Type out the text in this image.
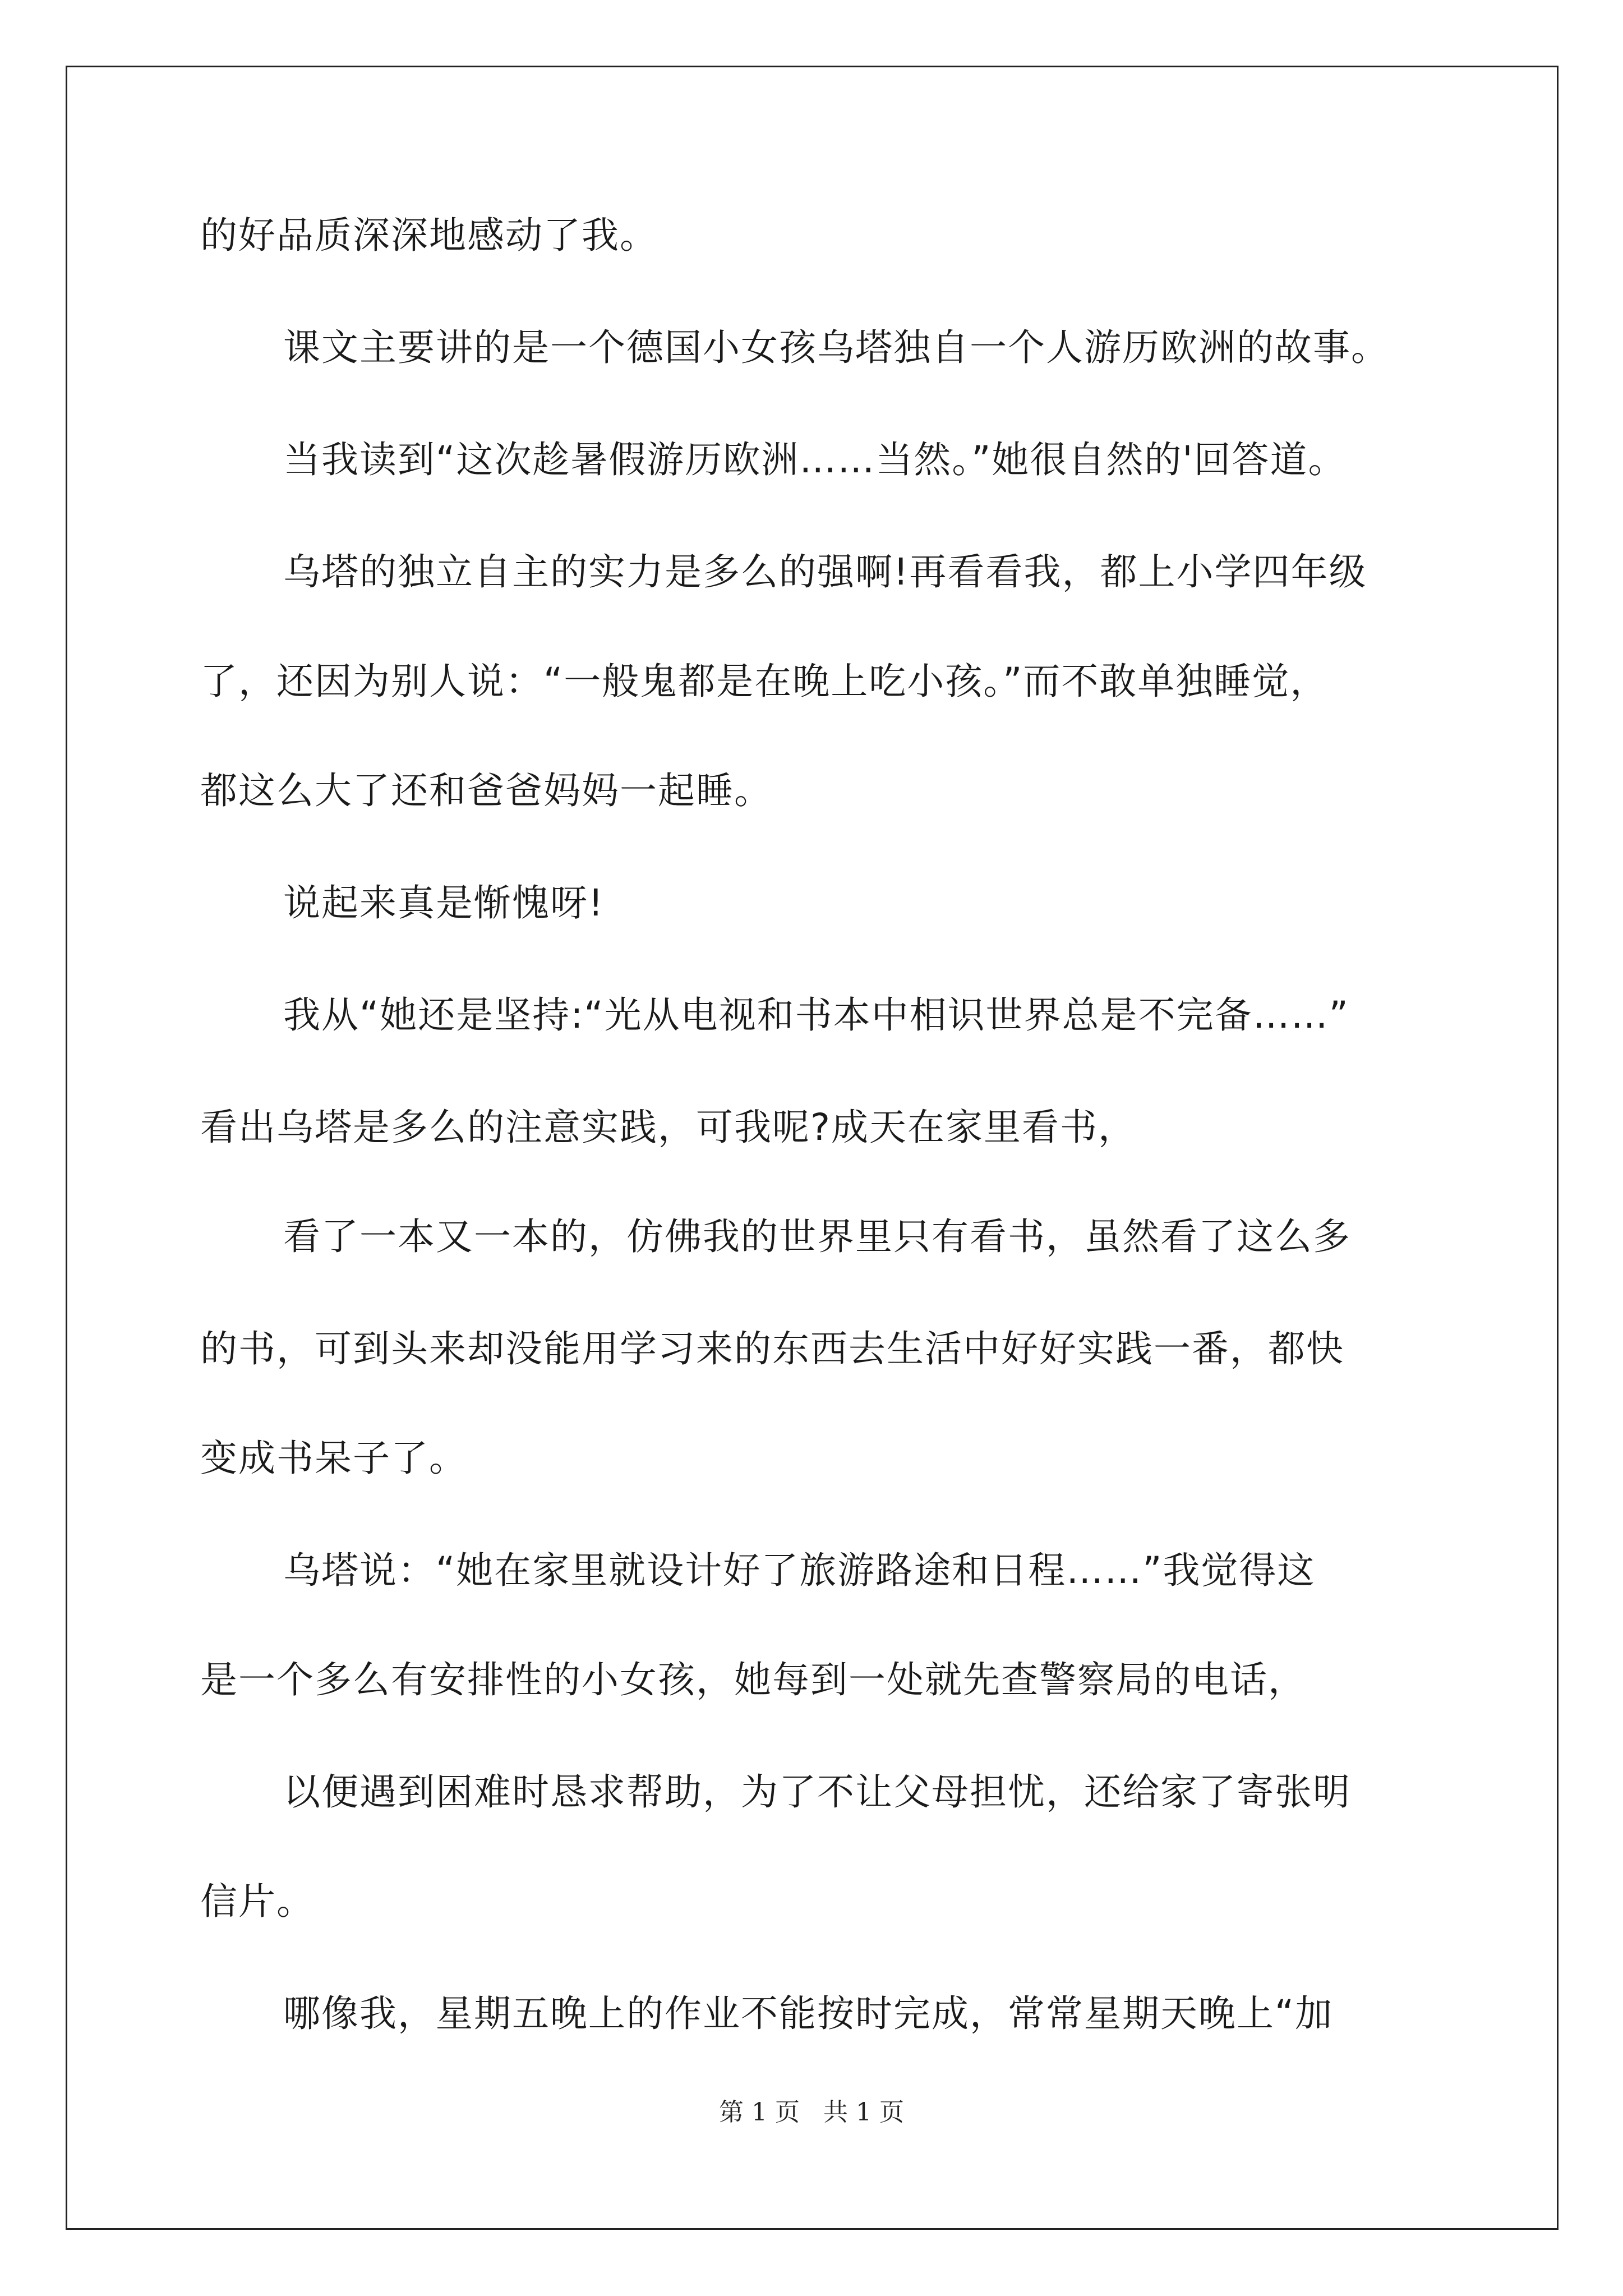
的好品质深深地感动了我。
课文主要讲的是一个德国小女孩乌塔独自一个人游历欧洲的故事。
当我读到“这次趁暑假游历欧洲……当然。”她很自然的'回答道。
乌塔的独立自主的实力是多么的强啊!再看看我，都上小学四年级
了，还因为别人说：“一般鬼都是在晚上吃小孩。”而不敢单独睡觉，
都这么大了还和爸爸妈妈一起睡。
说起来真是惭愧呀!
我从“她还是坚持:“光从电视和书本中相识世界总是不完备……”
看出乌塔是多么的注意实践，可我呢?成天在家里看书，
看了一本又一本的，仿佛我的世界里只有看书，虽然看了这么多
的书，可到头来却没能用学习来的东西去生活中好好实践一番，都快
变成书呆子了。
乌塔说：“她在家里就设计好了旅游路途和日程……”我觉得这
是一个多么有安排性的小女孩，她每到一处就先查警察局的电话，
以便遇到困难时恳求帮助，为了不让父母担忧，还给家了寄张明
信片。
哪像我，星期五晚上的作业不能按时完成，常常星期天晚上“加
第 1 页 共 1 页
